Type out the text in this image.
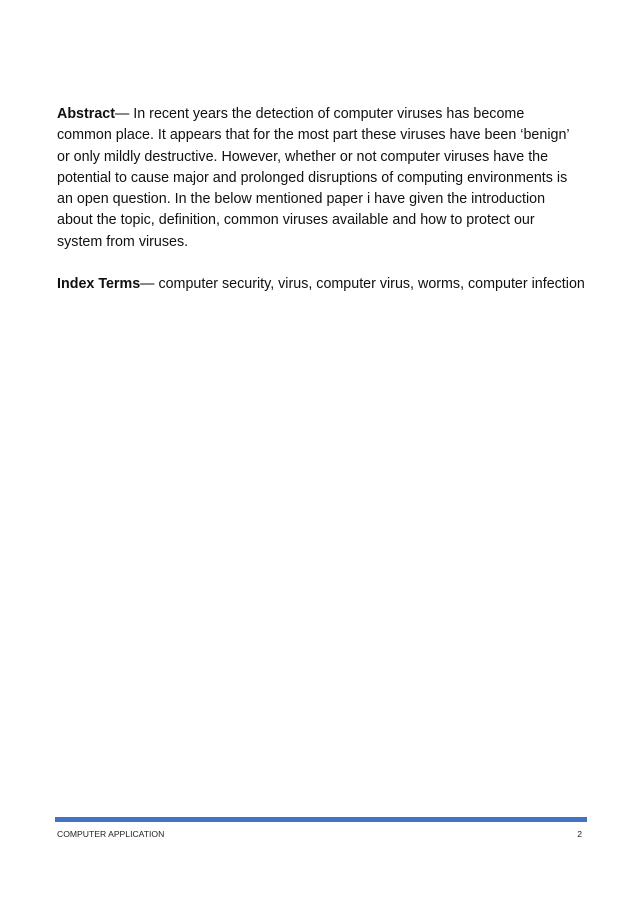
Abstract— In recent years the detection of computer viruses has become common place. It appears that for the most part these viruses have been ‘benign’ or only mildly destructive. However, whether or not computer viruses have the potential to cause major and prolonged disruptions of computing environments is an open question. In the below mentioned paper i have given the introduction about the topic, definition, common viruses available and how to protect our system from viruses.

Index Terms— computer security, virus, computer virus, worms, computer infection

COMPUTER APPLICATION	2
